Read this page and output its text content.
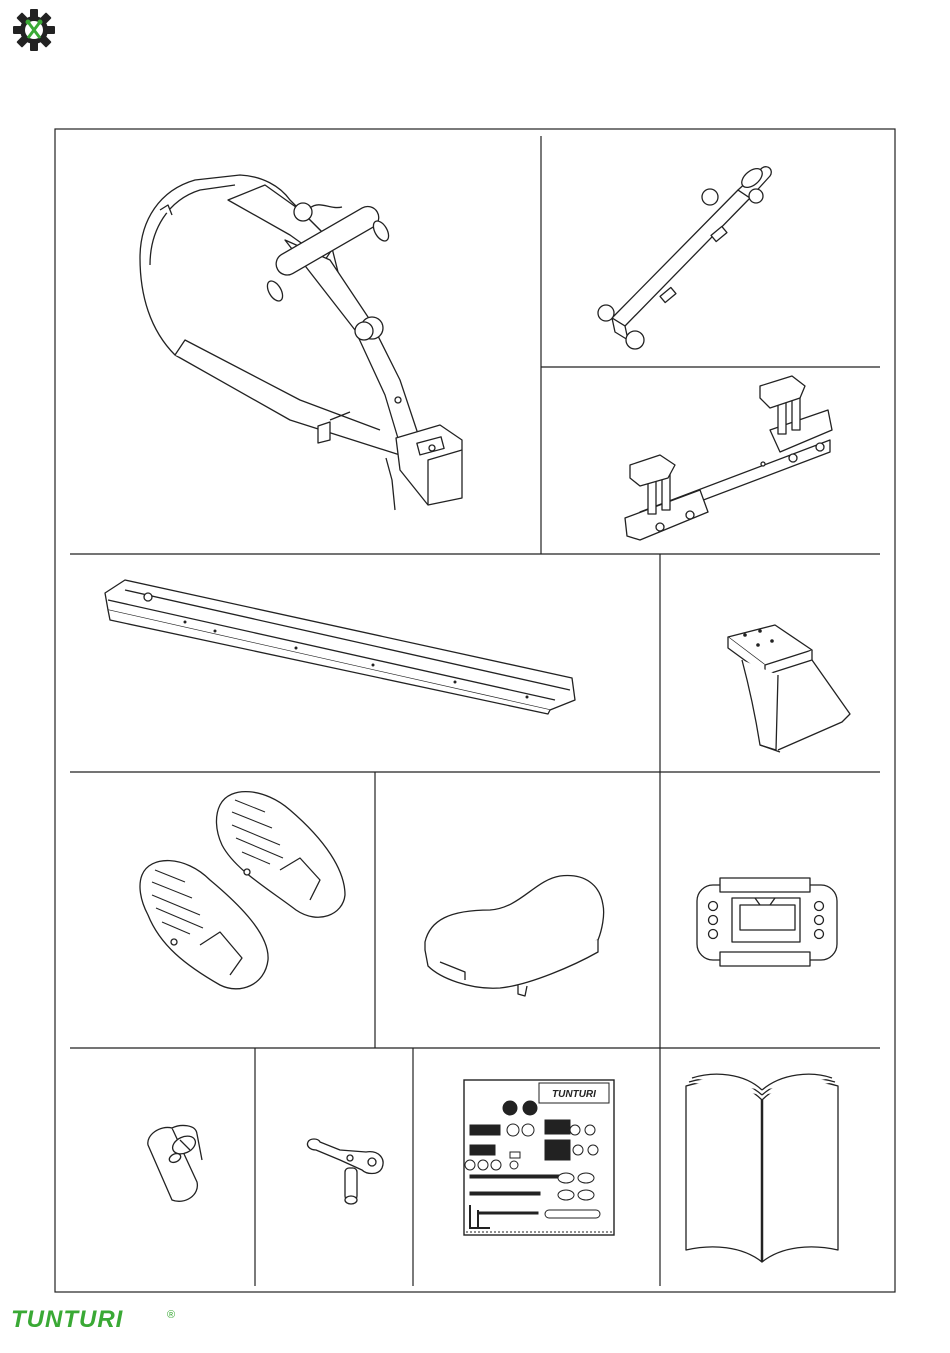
TUNTURI
TUNTURI	®
